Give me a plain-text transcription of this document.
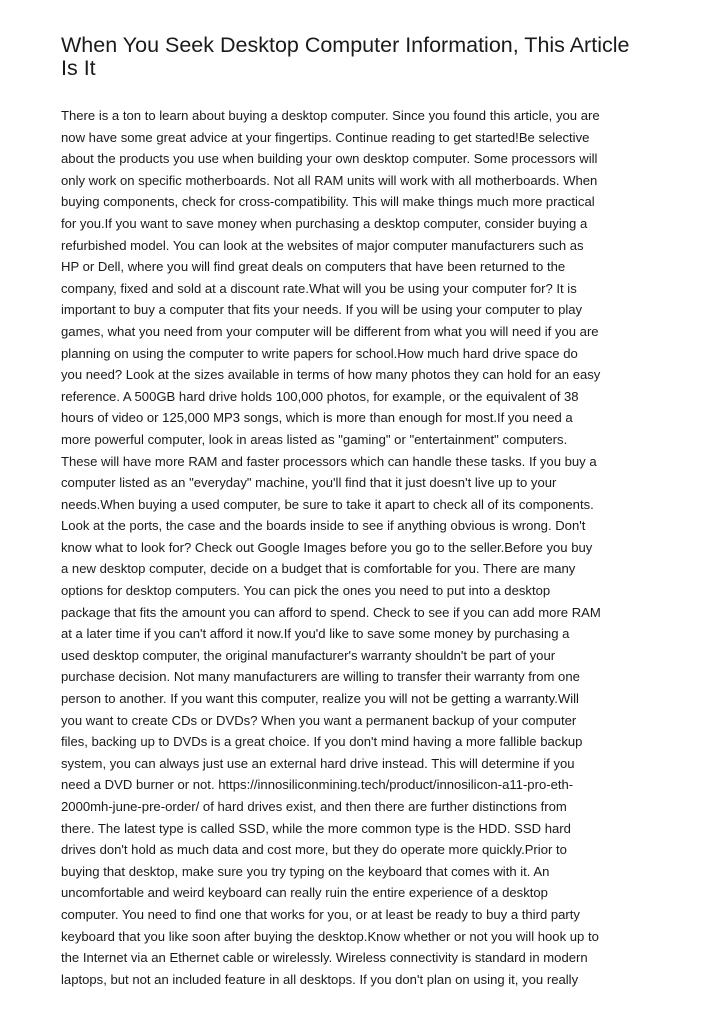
When You Seek Desktop Computer Information, This Article
Is It
There is a ton to learn about buying a desktop computer. Since you found this article, you are
now have some great advice at your fingertips. Continue reading to get started!Be selective
about the products you use when building your own desktop computer. Some processors will
only work on specific motherboards. Not all RAM units will work with all motherboards. When
buying components, check for cross-compatibility. This will make things much more practical
for you.If you want to save money when purchasing a desktop computer, consider buying a
refurbished model. You can look at the websites of major computer manufacturers such as
HP or Dell, where you will find great deals on computers that have been returned to the
company, fixed and sold at a discount rate.What will you be using your computer for? It is
important to buy a computer that fits your needs. If you will be using your computer to play
games, what you need from your computer will be different from what you will need if you are
planning on using the computer to write papers for school.How much hard drive space do
you need? Look at the sizes available in terms of how many photos they can hold for an easy
reference. A 500GB hard drive holds 100,000 photos, for example, or the equivalent of 38
hours of video or 125,000 MP3 songs, which is more than enough for most.If you need a
more powerful computer, look in areas listed as "gaming" or "entertainment" computers.
These will have more RAM and faster processors which can handle these tasks. If you buy a
computer listed as an "everyday" machine, you'll find that it just doesn't live up to your
needs.When buying a used computer, be sure to take it apart to check all of its components.
Look at the ports, the case and the boards inside to see if anything obvious is wrong. Don't
know what to look for? Check out Google Images before you go to the seller.Before you buy
a new desktop computer, decide on a budget that is comfortable for you. There are many
options for desktop computers. You can pick the ones you need to put into a desktop
package that fits the amount you can afford to spend. Check to see if you can add more RAM
at a later time if you can't afford it now.If you'd like to save some money by purchasing a
used desktop computer, the original manufacturer's warranty shouldn't be part of your
purchase decision. Not many manufacturers are willing to transfer their warranty from one
person to another. If you want this computer, realize you will not be getting a warranty.Will
you want to create CDs or DVDs? When you want a permanent backup of your computer
files, backing up to DVDs is a great choice. If you don't mind having a more fallible backup
system, you can always just use an external hard drive instead. This will determine if you
need a DVD burner or not. https://innosiliconmining.tech/product/innosilicon-a11-pro-eth-
2000mh-june-pre-order/ of hard drives exist, and then there are further distinctions from
there. The latest type is called SSD, while the more common type is the HDD. SSD hard
drives don't hold as much data and cost more, but they do operate more quickly.Prior to
buying that desktop, make sure you try typing on the keyboard that comes with it. An
uncomfortable and weird keyboard can really ruin the entire experience of a desktop
computer. You need to find one that works for you, or at least be ready to buy a third party
keyboard that you like soon after buying the desktop.Know whether or not you will hook up to
the Internet via an Ethernet cable or wirelessly. Wireless connectivity is standard in modern
laptops, but not an included feature in all desktops. If you don't plan on using it, you really
